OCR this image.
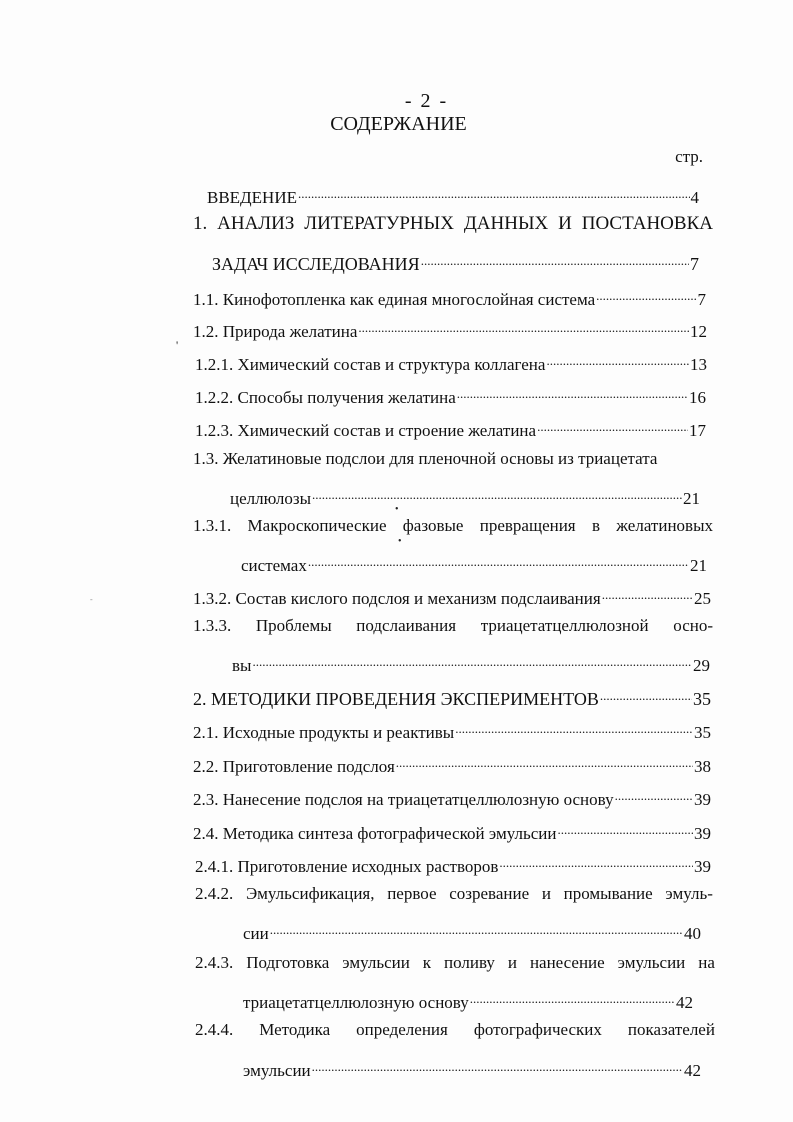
- 2 -
СОДЕРЖАНИЕ
стр.
ВВЕДЕНИЕ .....	4
1. АНАЛИЗ ЛИТЕРАТУРНЫХ ДАННЫХ И ПОСТАНОВКА
ЗАДАЧ ИССЛЕДОВАНИЯ .....	7
1.1. Кинофотопленка как единая многослойная система .....	7
1.2. Природа желатина .....	12
1.2.1. Химический состав и структура коллагена .....	13
1.2.2. Способы получения желатина .....	16
1.2.3. Химический состав и строение желатина .....	17
1.3. Желатиновые подслои для пленочной основы из триацетата
целлюлозы .....	21
1.3.1. Макроскопические фазовые превращения в желатиновых
системах .....	21
1.3.2. Состав кислого подслоя и механизм подслаивания .....	25
1.3.3. Проблемы подслаивания триацетатцеллюлозной осно-
вы .....	29
2. МЕТОДИКИ ПРОВЕДЕНИЯ ЭКСПЕРИМЕНТОВ .....	35
2.1. Исходные продукты и реактивы .....	35
2.2. Приготовление подслоя .....	38
2.3. Нанесение подслоя на триацетатцеллюлозную основу .....	39
2.4. Методика синтеза фотографической эмульсии .....	39
2.4.1. Приготовление исходных растворов .....	39
2.4.2. Эмульсификация, первое созревание и промывание эмуль-
сии .....	40
2.4.3. Подготовка эмульсии к поливу и нанесение эмульсии на
триацетатцеллюлозную основу .....	42
2.4.4. Методика определения фотографических показателей
эмульсии .....	42
'
•
•
-
